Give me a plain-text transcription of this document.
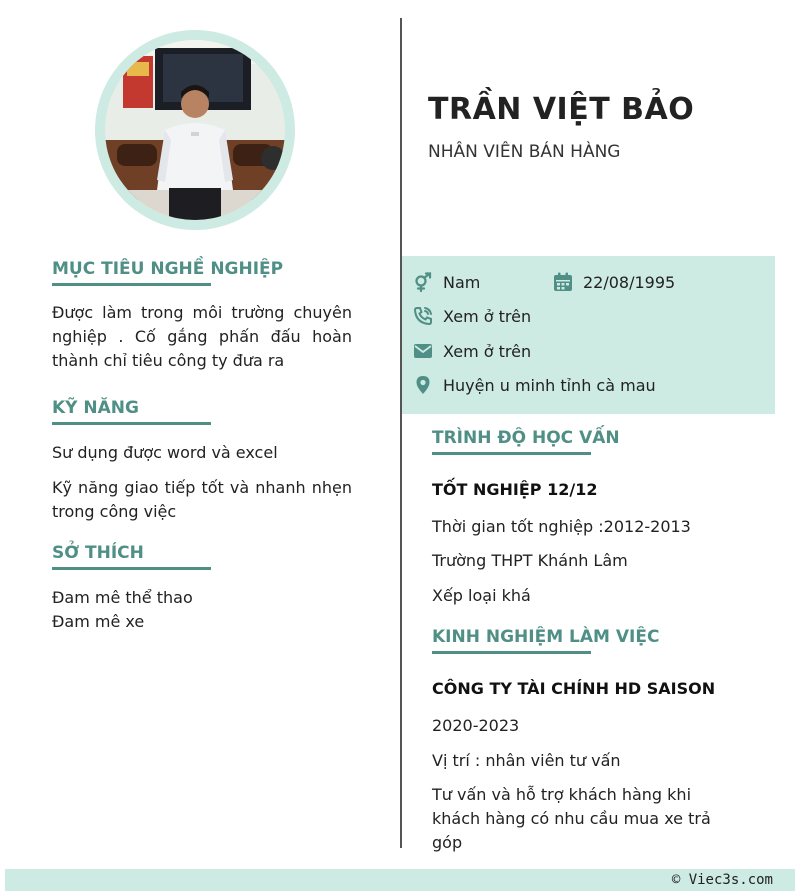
MỤC TIÊU NGHỀ NGHIỆP
Được làm trong môi trường chuyên nghiệp . Cố gắng phấn đấu hoàn thành chỉ tiêu công ty đưa ra
KỸ NĂNG
Sư dụng được word và excel
Kỹ năng giao tiếp tốt và nhanh nhẹn trong công việc
SỞ THÍCH
Đam mê thể thao
Đam mê xe
TRẦN VIỆT BẢO
NHÂN VIÊN BÁN HÀNG
Nam	22/08/1995
Xem ở trên
Xem ở trên
Huyện u minh tỉnh cà mau
TRÌNH ĐỘ HỌC VẤN
TỐT NGHIỆP 12/12
Thời gian tốt nghiệp :2012-2013
Trường THPT Khánh Lâm
Xếp loại khá
KINH NGHIỆM LÀM VIỆC
CÔNG TY TÀI CHÍNH HD SAISON
2020-2023
Vị trí : nhân viên tư vấn
Tư vấn và hỗ trợ khách hàng khi khách hàng có nhu cầu mua xe trả góp
© Viec3s.com
